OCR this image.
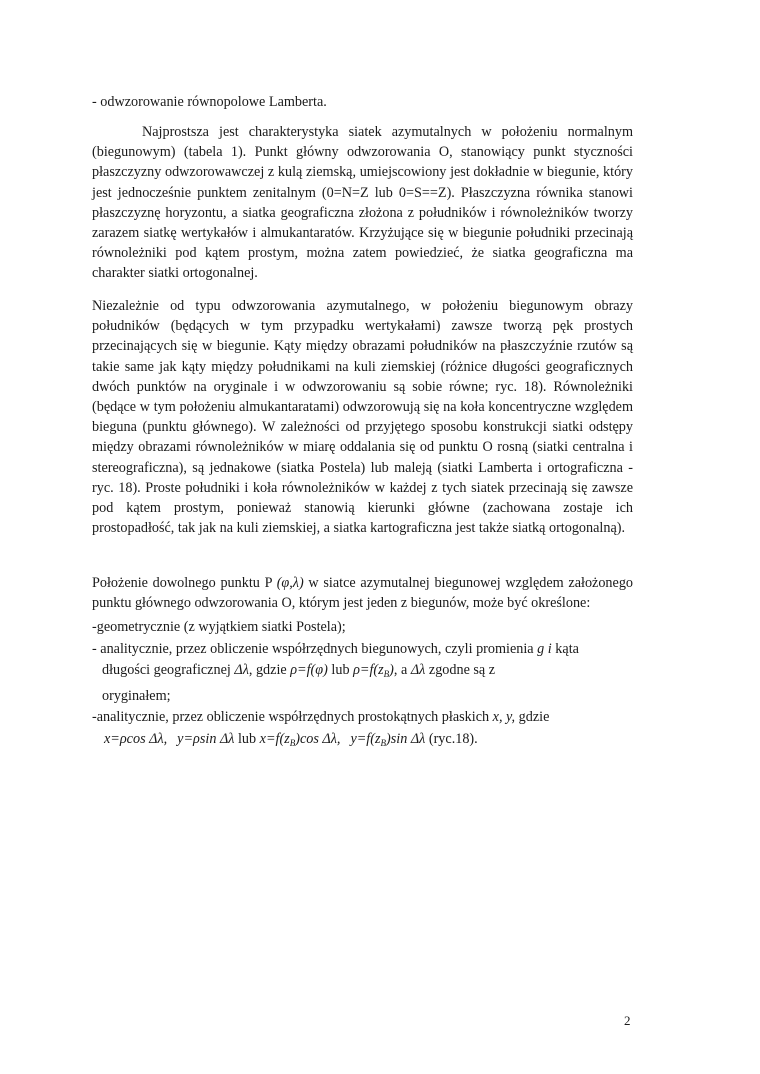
- odwzorowanie równopolowe Lamberta.

Najprostsza jest charakterystyka siatek azymutalnych w położeniu normalnym (biegunowym) (tabela 1). Punkt główny odwzorowania O, stanowiący punkt styczności płaszczyzny odwzorowawczej z kulą ziemską, umiejscowiony jest dokładnie w biegunie, który jest jednocześnie punktem zenitalnym (0=N=Z lub 0=S==Z). Płaszczyzna równika stanowi płaszczyznę horyzontu, a siatka geograficzna złożona z południków i równoleżników tworzy zarazem siatkę wertykałów i almukantaratów. Krzyżujące się w biegunie południki przecinają równoleżniki pod kątem prostym, można zatem powiedzieć, że siatka geograficzna ma charakter siatki ortogonalnej.

Niezależnie od typu odwzorowania azymutalnego, w położeniu biegunowym obrazy południków (będących w tym przypadku wertykałami) zawsze tworzą pęk prostych przecinających się w biegunie. Kąty między obrazami południków na płaszczyźnie rzutów są takie same jak kąty między południkami na kuli ziemskiej (różnice długości geograficznych dwóch punktów na oryginale i w odwzorowaniu są sobie równe; ryc. 18). Równoleżniki (będące w tym położeniu almukantaratami) odwzorowują się na koła koncentryczne względem bieguna (punktu głównego). W zależności od przyjętego sposobu konstrukcji siatki odstępy między obrazami równoleżników w miarę oddalania się od punktu O rosną (siatki centralna i stereograficzna), są jednakowe (siatka Postela) lub maleją (siatki Lamberta i ortograficzna - ryc. 18). Proste południki i koła równoleżników w każdej z tych siatek przecinają się zawsze pod kątem prostym, ponieważ stanowią kierunki główne (zachowana zostaje ich prostopadłość, tak jak na kuli ziemskiej, a siatka kartograficzna jest także siatką ortogonalną).

Położenie dowolnego punktu P (φ,λ) w siatce azymutalnej biegunowej względem założonego punktu głównego odwzorowania O, którym jest jeden z biegunów, może być określone:

-geometrycznie (z wyjątkiem siatki Postela);
- analitycznie, przez obliczenie współrzędnych biegunowych, czyli promienia g i kąta
długości geograficznej Δλ, gdzie ρ=f(φ) lub $\rho=f(z_B)$, a Δλ zgodne są z
oryginałem;
-analitycznie, przez obliczenie współrzędnych prostokątnych płaskich x, y, gdzie
x=ρcos Δλ, y=ρsin Δλ lub $x=f(z_B)\cos$ Δλ, $y=f(z_B)\sin$ Δλ (ryc.18).
2
